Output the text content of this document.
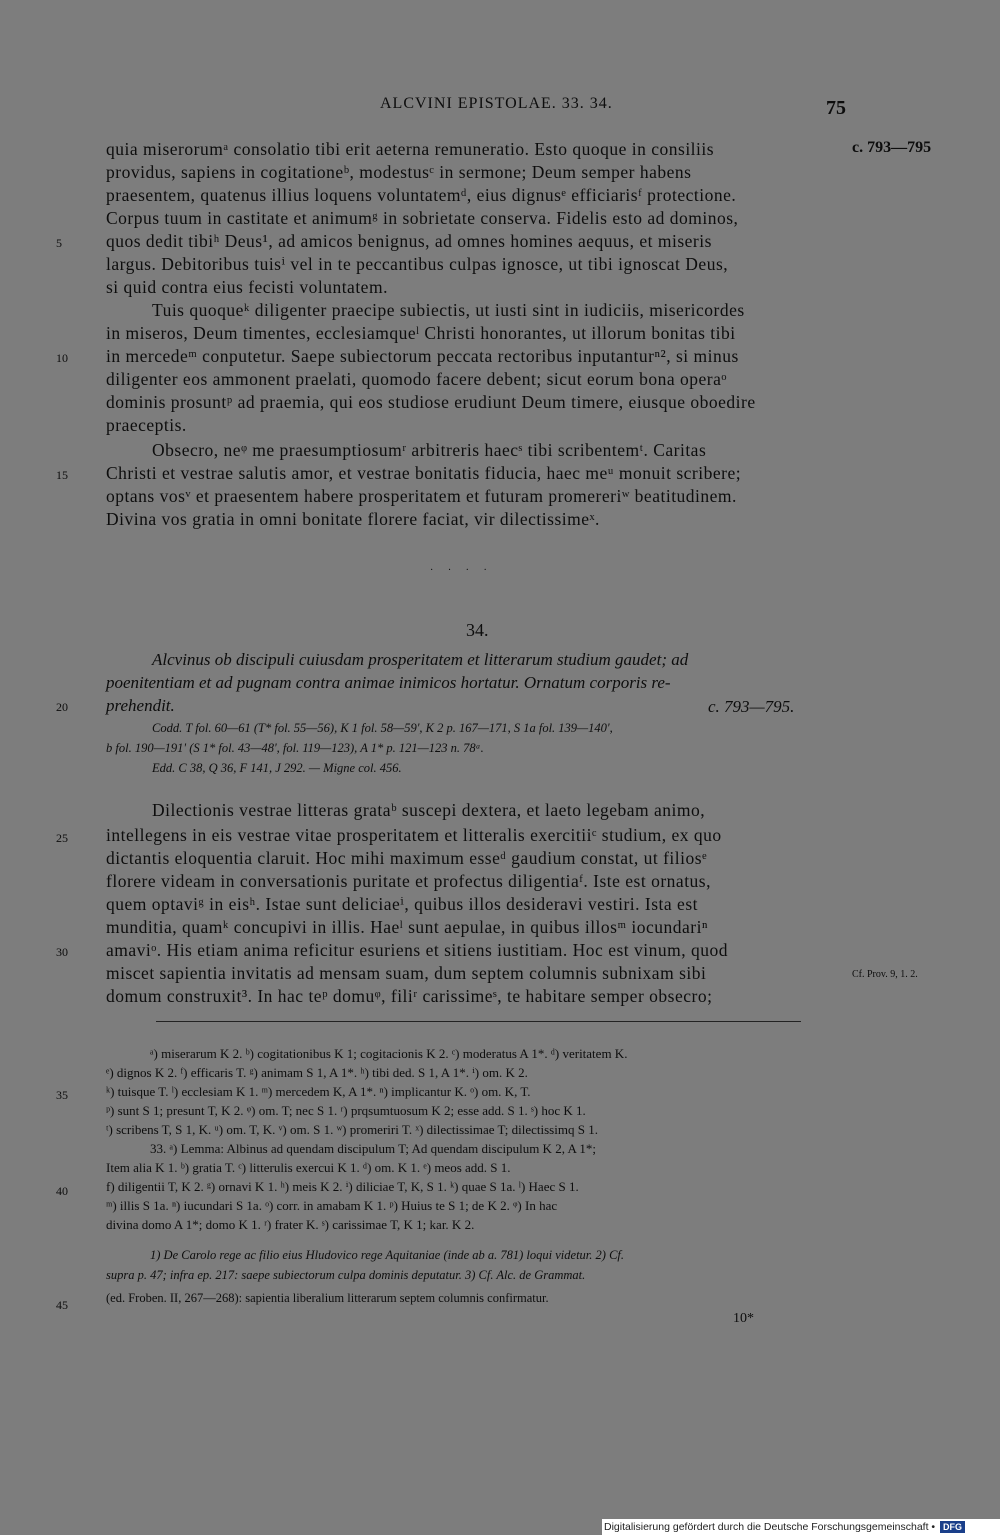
ALCVINI EPISTOLAE. 33. 34.	75
quia miserorumᵃ consolatio tibi erit aeterna remuneratio. Esto quoque in consiliis
providus, sapiens in cogitationeᵇ, modestusᶜ in sermone; Deum semper habens
praesentem, quatenus illius loquens voluntatemᵈ, eius dignusᵉ efficiarisᶠ protectione.
Corpus tuum in castitate et animumᵍ in sobrietate conserva. Fidelis esto ad dominos,
quos dedit tibiʰ Deus¹, ad amicos benignus, ad omnes homines aequus, et miseris
largus. Debitoribus tuisⁱ vel in te peccantibus culpas ignosce, ut tibi ignoscat Deus,
si quid contra eius fecisti voluntatem.
Tuis quoqueᵏ diligenter praecipe subiectis, ut iusti sint in iudiciis, misericordes
in miseros, Deum timentes, ecclesiamqueˡ Christi honorantes, ut illorum bonitas tibi
in mercedeᵐ conputetur. Saepe subiectorum peccata rectoribus inputanturⁿ², si minus
diligenter eos ammonent praelati, quomodo facere debent; sicut eorum bona operaᵒ
dominis prosuntᵖ ad praemia, qui eos studiose erudiunt Deum timere, eiusque oboedire
praeceptis.
Obsecro, neᵠ me praesumptiosumʳ arbitreris haecˢ tibi scribentemᵗ. Caritas
Christi et vestrae salutis amor, et vestrae bonitatis fiducia, haec meᵘ monuit scribere;
optans vosᵛ et praesentem habere prosperitatem et futuram promereriʷ beatitudinem.
Divina vos gratia in omni bonitate florere faciat, vir dilectissimeˣ.
c. 793—795
5
10
15
20
25
30
35
40
45
· · · ·
34.
Alcvinus ob discipuli cuiusdam prosperitatem et litterarum studium gaudet; ad
poenitentiam et ad pugnam contra animae inimicos hortatur. Ornatum corporis re-
prehendit.	c. 793—795.
Codd. T fol. 60—61 (T* fol. 55—56), K 1 fol. 58—59', K 2 p. 167—171, S 1a fol. 139—140',
b fol. 190—191' (S 1* fol. 43—48', fol. 119—123), A 1* p. 121—123 n. 78ᵃ.
Edd. C 38, Q 36, F 141, J 292. — Migne col. 456.
Dilectionis vestrae litteras grataᵇ suscepi dextera, et laeto legebam animo,
intellegens in eis vestrae vitae prosperitatem et litteralis exercitiiᶜ studium, ex quo
dictantis eloquentia claruit. Hoc mihi maximum esseᵈ gaudium constat, ut filiosᵉ
florere videam in conversationis puritate et profectus diligentiaᶠ. Iste est ornatus,
quem optaviᵍ in eisʰ. Istae sunt deliciaeⁱ, quibus illos desideravi vestiri. Ista est
munditia, quamᵏ concupivi in illis. Haeˡ sunt aepulae, in quibus illosᵐ iocundariⁿ
amaviᵒ. His etiam anima reficitur esuriens et sitiens iustitiam. Hoc est vinum, quod
miscet sapientia invitatis ad mensam suam, dum septem columnis subnixam sibi
domum construxit³. In hac teᵖ domuᵠ, filiʳ carissimeˢ, te habitare semper obsecro;
Cf. Prov. 9, 1. 2.
ᵃ) miserarum K 2. ᵇ) cogitationibus K 1; cogitacionis K 2. ᶜ) moderatus A 1*. ᵈ) veritatem K.
ᵉ) dignos K 2. ᶠ) efficaris T. ᵍ) animam S 1, A 1*. ʰ) tibi ded. S 1, A 1*. ⁱ) om. K 2.
ᵏ) tuisque T. ˡ) ecclesiam K 1. ᵐ) mercedem K, A 1*. ⁿ) implicantur K. ᵒ) om. K, T.
ᵖ) sunt S 1; presunt T, K 2. ᵠ) om. T; nec S 1. ʳ) prqsumtuosum K 2; esse add. S 1. ˢ) hoc K 1.
ᵗ) scribens T, S 1, K. ᵘ) om. T, K. ᵛ) om. S 1. ʷ) promeriri T. ˣ) dilectissimae T; dilectissimq S 1.
33. ᵃ) Lemma: Albinus ad quendam discipulum T; Ad quendam discipulum K 2, A 1*;
Item alia K 1. ᵇ) gratia T. ᶜ) litterulis exercui K 1. ᵈ) om. K 1. ᵉ) meos add. S 1.
f) diligentii T, K 2. ᵍ) ornavi K 1. ʰ) meis K 2. ⁱ) diliciae T, K, S 1. ᵏ) quae S 1a. ˡ) Haec S 1.
ᵐ) illis S 1a. ⁿ) iucundari S 1a. ᵒ) corr. in amabam K 1. ᵖ) Huius te S 1; de K 2. ᵠ) In hac
divina domo A 1*; domo K 1. ʳ) frater K. ˢ) carissimae T, K 1; kar. K 2.
1) De Carolo rege ac filio eius Hludovico rege Aquitaniae (inde ab a. 781) loqui videtur. 2) Cf.
supra p. 47; infra ep. 217: saepe subiectorum culpa dominis deputatur. 3) Cf. Alc. de Grammat.
(ed. Froben. II, 267—268): sapientia liberalium litterarum septem columnis confirmatur.
10*
Digitalisierung gefördert durch die Deutsche Forschungsgemeinschaft • DFG
